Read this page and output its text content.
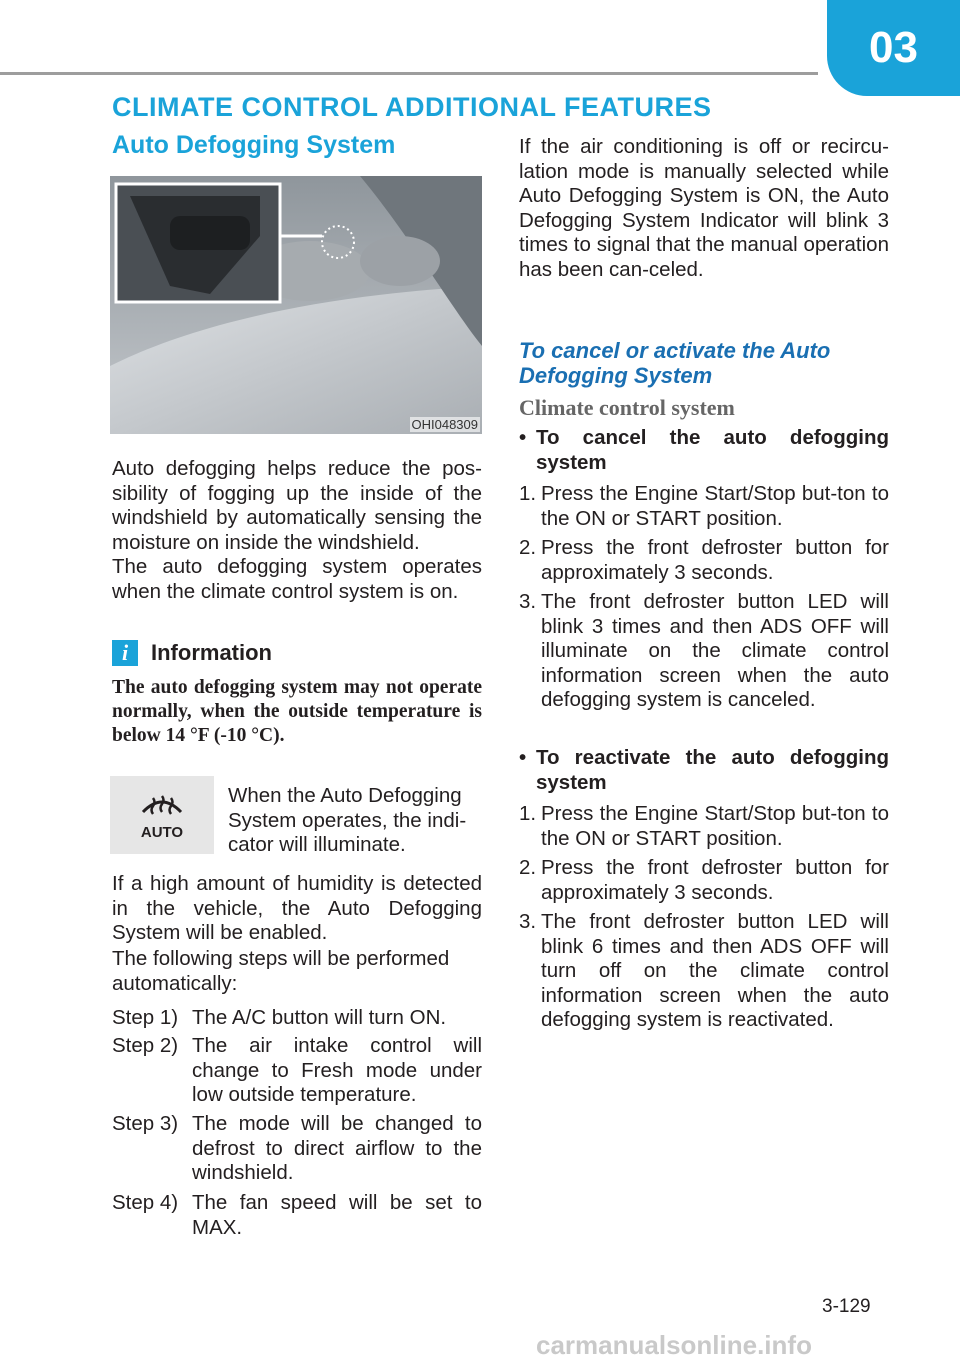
03
CLIMATE CONTROL ADDITIONAL FEATURES
Auto Defogging System
OHI048309
Auto defogging helps reduce the pos-sibility of fogging up the inside of the windshield by automatically sensing the moisture on inside the windshield.
The auto defogging system operates when the climate control system is on.
i Information
The auto defogging system may not operate normally, when the outside temperature is below 14 °F (-10 °C).
AUTO
When the Auto Defogging System operates, the indi-cator will illuminate.
If a high amount of humidity is detected in the vehicle, the Auto Defogging System will be enabled.
The following steps will be performed automatically:
Step 1) The A/C button will turn ON.
Step 2) The air intake control will change to Fresh mode under low outside temperature.
Step 3) The mode will be changed to defrost to direct airflow to the windshield.
Step 4) The fan speed will be set to MAX.
If the air conditioning is off or recircu-lation mode is manually selected while Auto Defogging System is ON, the Auto Defogging System Indicator will blink 3 times to signal that the manual operation has been can-celed.
To cancel or activate the Auto Defogging System
Climate control system
• To cancel the auto defogging system
1. Press the Engine Start/Stop but-ton to the ON or START position.
2. Press the front defroster button for approximately 3 seconds.
3. The front defroster button LED will blink 3 times and then ADS OFF will illuminate on the climate control information screen when the auto defogging system is canceled.
• To reactivate the auto defogging system
1. Press the Engine Start/Stop but-ton to the ON or START position.
2. Press the front defroster button for approximately 3 seconds.
3. The front defroster button LED will blink 6 times and then ADS OFF will turn off on the climate control information screen when the auto defogging system is reactivated.
3-129
carmanualsonline.info
